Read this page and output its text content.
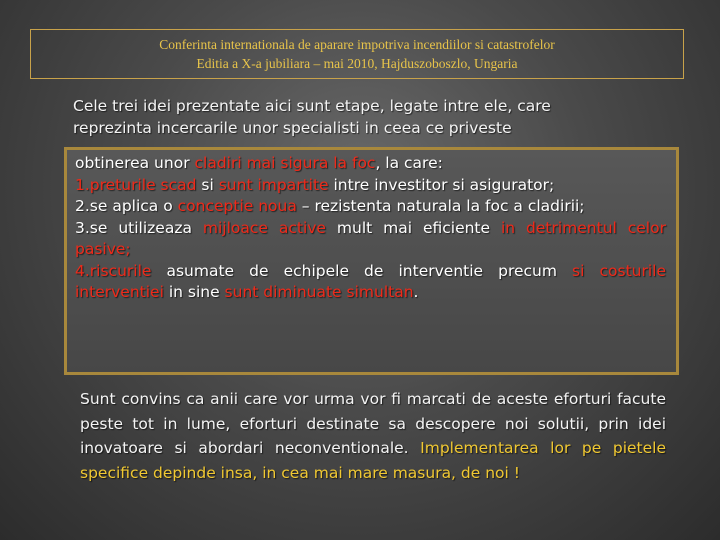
Conferinta internationala de aparare impotriva incendiilor si catastrofelor
Editia a X-a jubiliara – mai 2010, Hajduszoboszlo, Ungaria
Cele trei idei prezentate aici sunt etape, legate intre ele, care
reprezinta incercarile unor specialisti in ceea ce priveste
obtinerea unor cladiri mai sigura la foc, la care:
1.preturile scad si sunt impartite intre investitor si asigurator;
2.se aplica o conceptie noua – rezistenta naturala la foc a cladirii;
3.se utilizeaza mijloace active mult mai eficiente in detrimentul celor pasive;
4.riscurile asumate de echipele de interventie precum si costurile interventiei in sine sunt diminuate simultan.
Sunt convins ca anii care vor urma vor fi marcati de aceste eforturi facute peste tot in lume, eforturi destinate sa descopere noi solutii, prin idei inovatoare si abordari neconventionale. Implementarea lor pe pietele specifice depinde insa, in cea mai mare masura, de noi !
